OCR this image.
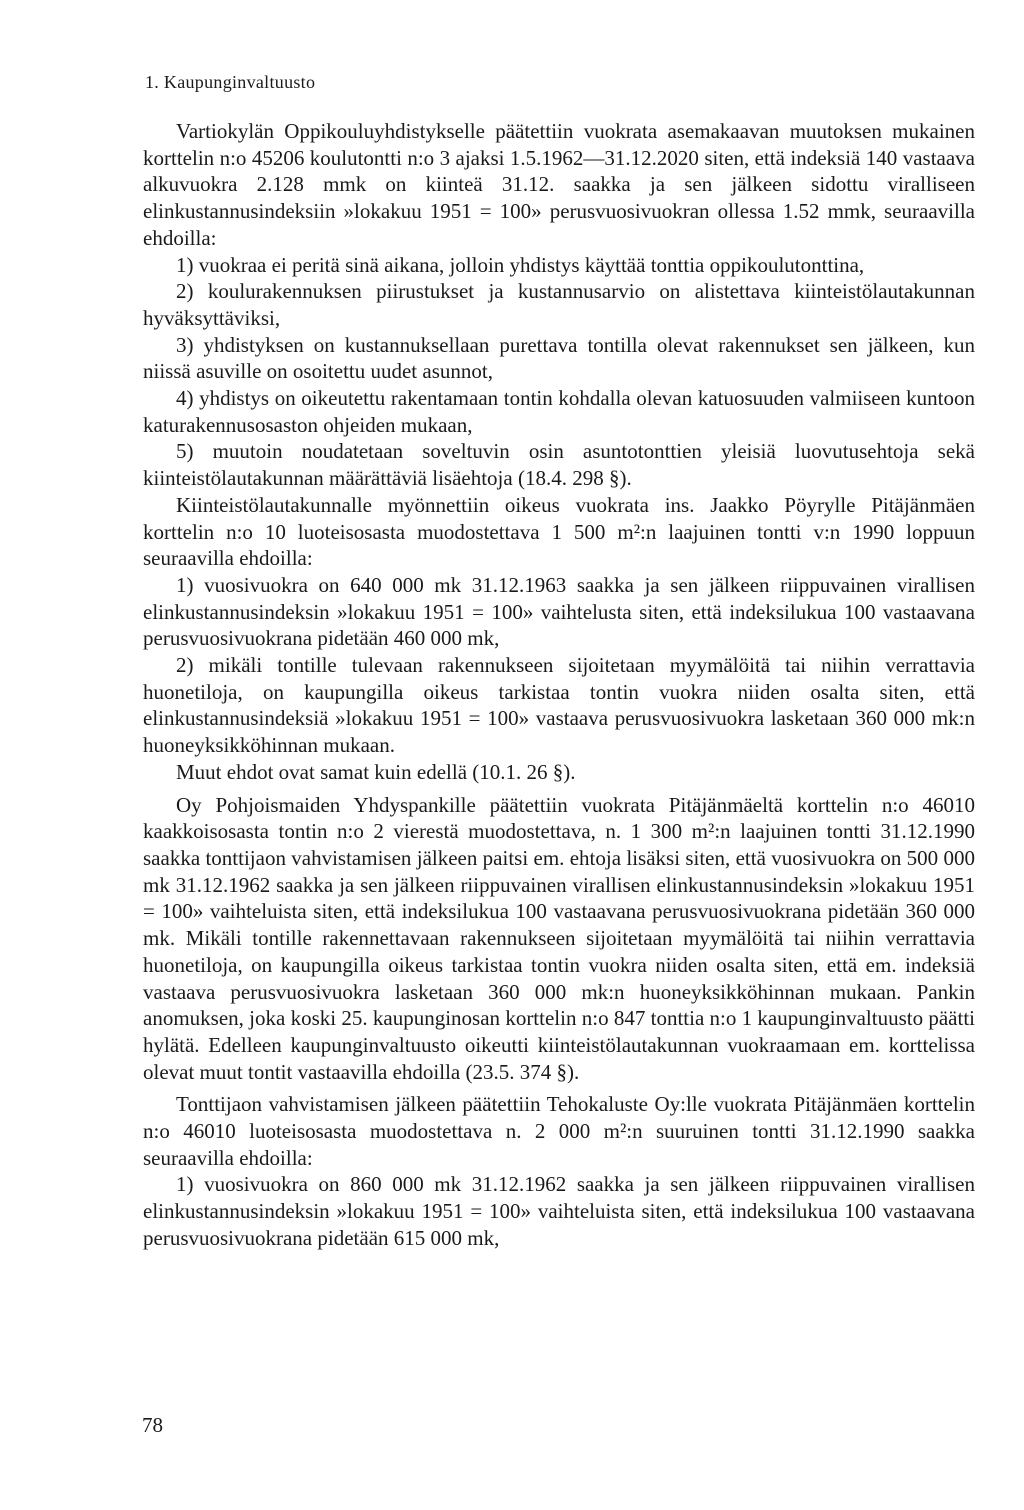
1. Kaupunginvaltuusto

Vartiokylän Oppikouluyhdistykselle päätettiin vuokrata asemakaavan muutoksen mukainen korttelin n:o 45206 koulutontti n:o 3 ajaksi 1.5.1962—31.12.2020 siten, että indeksiä 140 vastaava alkuvuokra 2.128 mmk on kiinteä 31.12. saakka ja sen jälkeen sidottu viralliseen elinkustannusindeksiin »lokakuu 1951 = 100» perusvuosivuokran ollessa 1.52 mmk, seuraavilla ehdoilla:

1) vuokraa ei peritä sinä aikana, jolloin yhdistys käyttää tonttia oppikoulutonttina,

2) koulurakennuksen piirustukset ja kustannusarvio on alistettava kiinteistölautakunnan hyväksyttäviksi,

3) yhdistyksen on kustannuksellaan purettava tontilla olevat rakennukset sen jälkeen, kun niissä asuville on osoitettu uudet asunnot,

4) yhdistys on oikeutettu rakentamaan tontin kohdalla olevan katuosuuden valmiiseen kuntoon katurakennusosaston ohjeiden mukaan,

5) muutoin noudatetaan soveltuvin osin asuntotonttien yleisiä luovutusehtoja sekä kiinteistölautakunnan määrättäviä lisäehtoja (18.4. 298 §).

Kiinteistölautakunnalle myönnettiin oikeus vuokrata ins. Jaakko Pöyrylle Pitäjänmäen korttelin n:o 10 luoteisosasta muodostettava 1 500 m²:n laajuinen tontti v:n 1990 loppuun seuraavilla ehdoilla:

1) vuosivuokra on 640 000 mk 31.12.1963 saakka ja sen jälkeen riippuvainen virallisen elinkustannusindeksin »lokakuu 1951 = 100» vaihtelusta siten, että indeksilukua 100 vastaavana perusvuosivuokrana pidetään 460 000 mk,

2) mikäli tontille tulevaan rakennukseen sijoitetaan myymälöitä tai niihin verrattavia huonetiloja, on kaupungilla oikeus tarkistaa tontin vuokra niiden osalta siten, että elinkustannusindeksiä »lokakuu 1951 = 100» vastaava perusvuosivuokra lasketaan 360 000 mk:n huoneyksikköhinnan mukaan.

Muut ehdot ovat samat kuin edellä (10.1. 26 §).

Oy Pohjoismaiden Yhdyspankille päätettiin vuokrata Pitäjänmäeltä korttelin n:o 46010 kaakkoisosasta tontin n:o 2 vierestä muodostettava, n. 1 300 m²:n laajuinen tontti 31.12.1990 saakka tonttijaon vahvistamisen jälkeen paitsi em. ehtoja lisäksi siten, että vuosivuokra on 500 000 mk 31.12.1962 saakka ja sen jälkeen riippuvainen virallisen elinkustannusindeksin »lokakuu 1951 = 100» vaihteluista siten, että indeksilukua 100 vastaavana perusvuosivuokrana pidetään 360 000 mk. Mikäli tontille rakennettavaan rakennukseen sijoitetaan myymälöitä tai niihin verrattavia huonetiloja, on kaupungilla oikeus tarkistaa tontin vuokra niiden osalta siten, että em. indeksiä vastaava perusvuosivuokra lasketaan 360 000 mk:n huoneyksikköhinnan mukaan. Pankin anomuksen, joka koski 25. kaupunginosan korttelin n:o 847 tonttia n:o 1 kaupunginvaltuusto päätti hylätä. Edelleen kaupunginvaltuusto oikeutti kiinteistölautakunnan vuokraamaan em. korttelissa olevat muut tontit vastaavilla ehdoilla (23.5. 374 §).

Tonttijaon vahvistamisen jälkeen päätettiin Tehokaluste Oy:lle vuokrata Pitäjänmäen korttelin n:o 46010 luoteisosasta muodostettava n. 2 000 m²:n suuruinen tontti 31.12.1990 saakka seuraavilla ehdoilla:

1) vuosivuokra on 860 000 mk 31.12.1962 saakka ja sen jälkeen riippuvainen virallisen elinkustannusindeksin »lokakuu 1951 = 100» vaihteluista siten, että indeksilukua 100 vastaavana perusvuosivuokrana pidetään 615 000 mk,

78
